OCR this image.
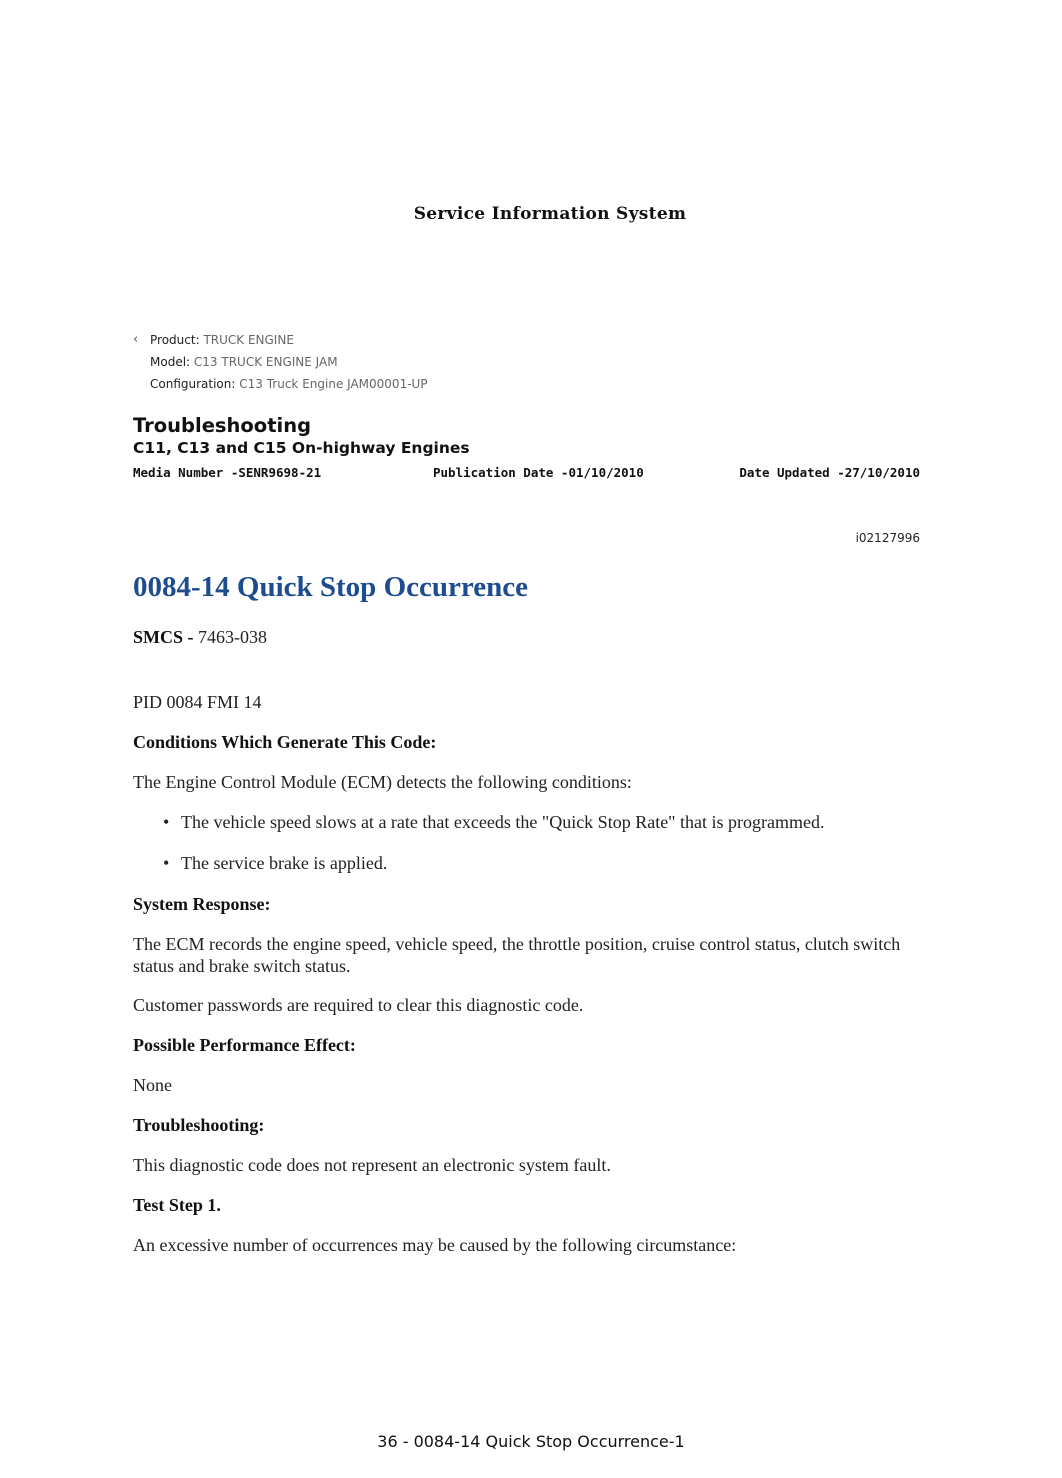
Service Information System
‹ Product: TRUCK ENGINE
Model: C13 TRUCK ENGINE JAM
Configuration: C13 Truck Engine JAM00001-UP
Troubleshooting
C11, C13 and C15 On-highway Engines
Media Number -SENR9698-21	Publication Date -01/10/2010	Date Updated -27/10/2010
i02127996
0084-14 Quick Stop Occurrence

SMCS - 7463-038

PID 0084 FMI 14

Conditions Which Generate This Code:

The Engine Control Module (ECM) detects the following conditions:

• The vehicle speed slows at a rate that exceeds the "Quick Stop Rate" that is programmed.
• The service brake is applied.

System Response:

The ECM records the engine speed, vehicle speed, the throttle position, cruise control status, clutch switch status and brake switch status.

Customer passwords are required to clear this diagnostic code.

Possible Performance Effect:

None

Troubleshooting:

This diagnostic code does not represent an electronic system fault.

Test Step 1.

An excessive number of occurrences may be caused by the following circumstance:

36 - 0084-14 Quick Stop Occurrence-1
